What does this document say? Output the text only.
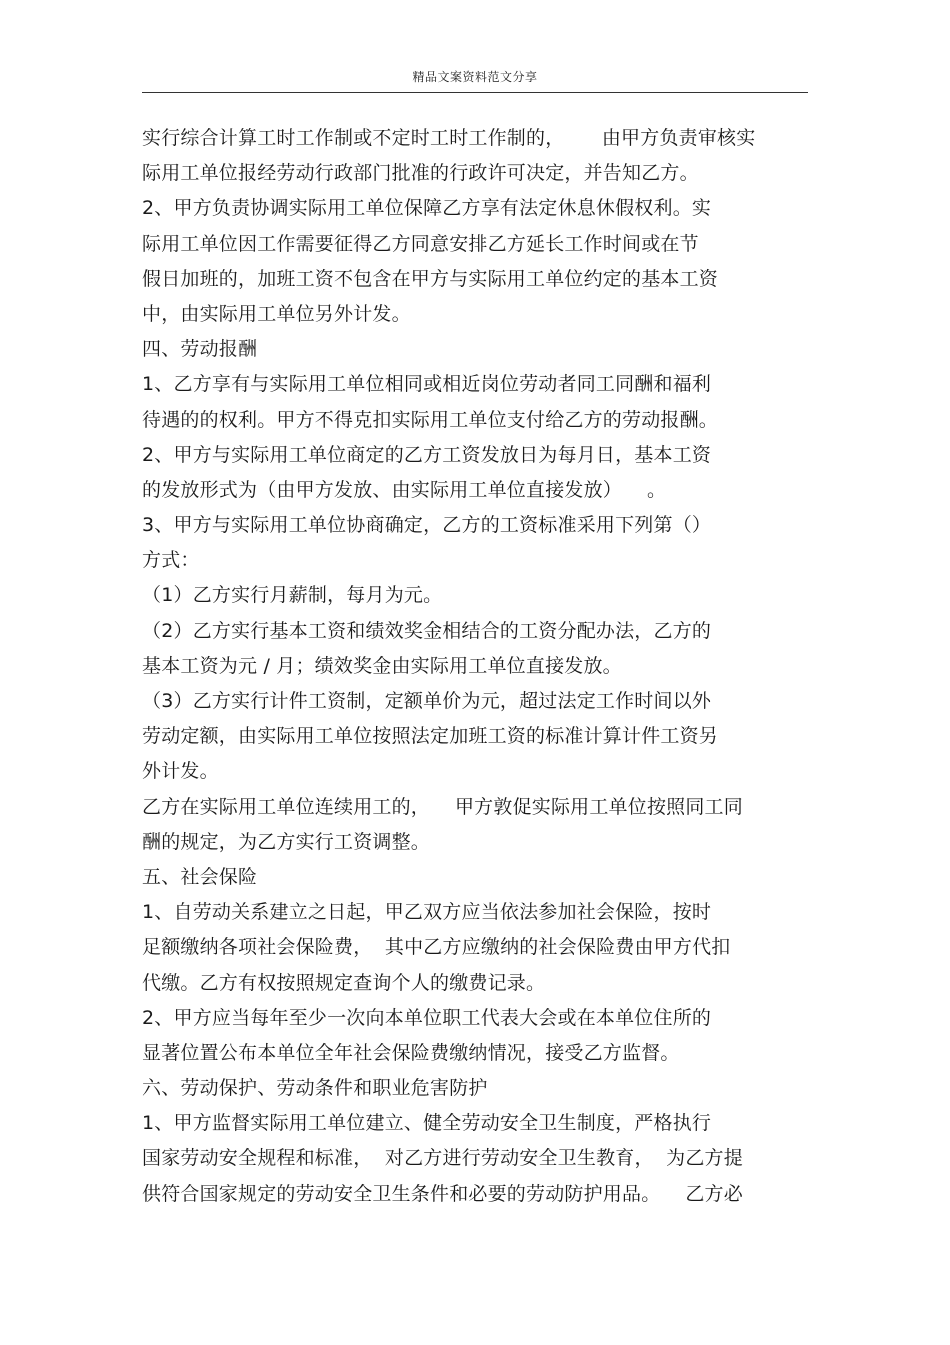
精品文案资料范文分享
实行综合计算工时工作制或不定时工时工作制的，      由甲方负责审核实
际用工单位报经劳动行政部门批准的行政许可决定，并告知乙方。
2、甲方负责协调实际用工单位保障乙方享有法定休息休假权利。实
际用工单位因工作需要征得乙方同意安排乙方延长工作时间或在节
假日加班的，加班工资不包含在甲方与实际用工单位约定的基本工资
中，由实际用工单位另外计发。
四、劳动报酬
1、乙方享有与实际用工单位相同或相近岗位劳动者同工同酬和福利
待遇的的权利。甲方不得克扣实际用工单位支付给乙方的劳动报酬。
2、甲方与实际用工单位商定的乙方工资发放日为每月日，基本工资
的发放形式为（由甲方发放、由实际用工单位直接发放）    。
3、甲方与实际用工单位协商确定，乙方的工资标准采用下列第（）
方式：
（1）乙方实行月薪制，每月为元。
（2）乙方实行基本工资和绩效奖金相结合的工资分配办法，乙方的
基本工资为元 / 月；绩效奖金由实际用工单位直接发放。
（3）乙方实行计件工资制，定额单价为元，超过法定工作时间以外
劳动定额，由实际用工单位按照法定加班工资的标准计算计件工资另
外计发。
乙方在实际用工单位连续用工的，    甲方敦促实际用工单位按照同工同
酬的规定，为乙方实行工资调整。
五、社会保险
1、自劳动关系建立之日起，甲乙双方应当依法参加社会保险，按时
足额缴纳各项社会保险费，  其中乙方应缴纳的社会保险费由甲方代扣
代缴。乙方有权按照规定查询个人的缴费记录。
2、甲方应当每年至少一次向本单位职工代表大会或在本单位住所的
显著位置公布本单位全年社会保险费缴纳情况，接受乙方监督。
六、劳动保护、劳动条件和职业危害防护
1、甲方监督实际用工单位建立、健全劳动安全卫生制度，严格执行
国家劳动安全规程和标准，  对乙方进行劳动安全卫生教育，  为乙方提
供符合国家规定的劳动安全卫生条件和必要的劳动防护用品。    乙方必
